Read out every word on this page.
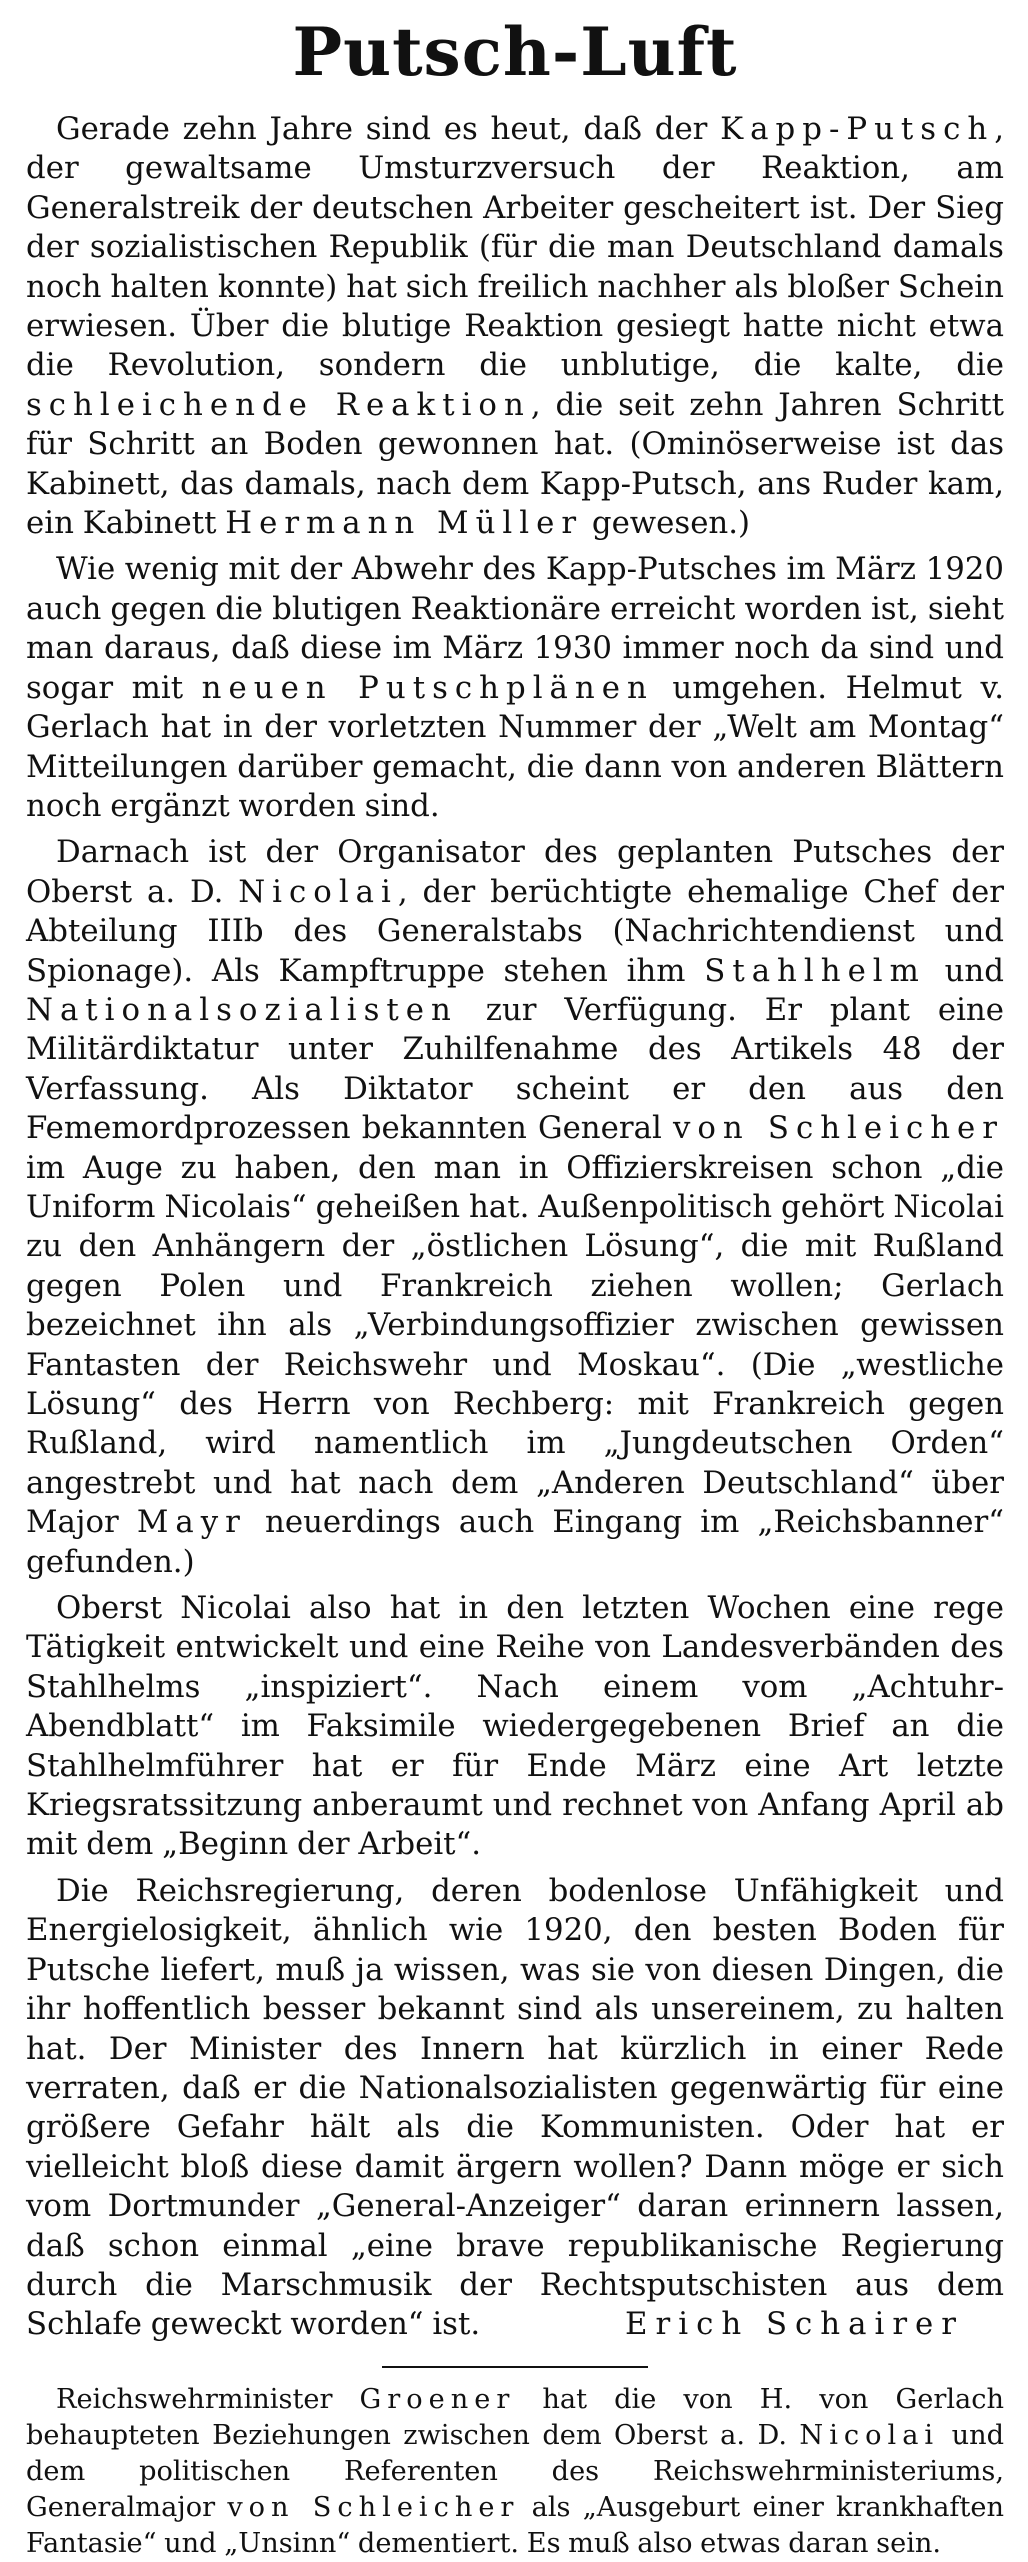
Putsch-Luft

Gerade zehn Jahre sind es heut, daß der Kapp-Putsch, der gewaltsame Umsturzversuch der Reaktion, am Generalstreik der deutschen Arbeiter gescheitert ist. Der Sieg der sozialistischen Republik (für die man Deutschland damals noch halten konnte) hat sich freilich nachher als bloßer Schein erwiesen. Über die blutige Reaktion gesiegt hatte nicht etwa die Revolution, sondern die unblutige, die kalte, die schleichende Reaktion, die seit zehn Jahren Schritt für Schritt an Boden gewonnen hat. (Ominöserweise ist das Kabinett, das damals, nach dem Kapp-Putsch, ans Ruder kam, ein Kabinett Hermann Müller gewesen.)

Wie wenig mit der Abwehr des Kapp-Putsches im März 1920 auch gegen die blutigen Reaktionäre erreicht worden ist, sieht man daraus, daß diese im März 1930 immer noch da sind und sogar mit neuen Putschplänen umgehen. Helmut v. Gerlach hat in der vorletzten Nummer der „Welt am Montag“ Mitteilungen darüber gemacht, die dann von anderen Blättern noch ergänzt worden sind.

Darnach ist der Organisator des geplanten Putsches der Oberst a. D. Nicolai, der berüchtigte ehemalige Chef der Abteilung IIIb des Generalstabs (Nachrichtendienst und Spionage). Als Kampftruppe stehen ihm Stahlhelm und Nationalsozialisten zur Verfügung. Er plant eine Militärdiktatur unter Zuhilfenahme des Artikels 48 der Verfassung. Als Diktator scheint er den aus den Fememordprozessen bekannten General von Schleicher im Auge zu haben, den man in Offizierskreisen schon „die Uniform Nicolais“ geheißen hat. Außenpolitisch gehört Nicolai zu den Anhängern der „östlichen Lösung“, die mit Rußland gegen Polen und Frankreich ziehen wollen; Gerlach bezeichnet ihn als „Verbindungsoffizier zwischen gewissen Fantasten der Reichswehr und Moskau“. (Die „westliche Lösung“ des Herrn von Rechberg: mit Frankreich gegen Rußland, wird namentlich im „Jungdeutschen Orden“ angestrebt und hat nach dem „Anderen Deutschland“ über Major Mayr neuerdings auch Eingang im „Reichsbanner“ gefunden.)

Oberst Nicolai also hat in den letzten Wochen eine rege Tätigkeit entwickelt und eine Reihe von Landesverbänden des Stahlhelms „inspiziert“. Nach einem vom „Achtuhr-Abendblatt“ im Faksimile wiedergegebenen Brief an die Stahlhelmführer hat er für Ende März eine Art letzte Kriegsratssitzung anberaumt und rechnet von Anfang April ab mit dem „Beginn der Arbeit“.

Die Reichsregierung, deren bodenlose Unfähigkeit und Energielosigkeit, ähnlich wie 1920, den besten Boden für Putsche liefert, muß ja wissen, was sie von diesen Dingen, die ihr hoffentlich besser bekannt sind als unsereinem, zu halten hat. Der Minister des Innern hat kürzlich in einer Rede verraten, daß er die Nationalsozialisten gegenwärtig für eine größere Gefahr hält als die Kommunisten. Oder hat er vielleicht bloß diese damit ärgern wollen? Dann möge er sich vom Dortmunder „General-Anzeiger“ daran erinnern lassen, daß schon einmal „eine brave republikanische Regierung durch die Marschmusik der Rechtsputschisten aus dem Schlafe geweckt worden“ ist.	Erich Schairer

Reichswehrminister Groener hat die von H. von Gerlach behaupteten Beziehungen zwischen dem Oberst a. D. Nicolai und dem politischen Referenten des Reichswehrministeriums, Generalmajor von Schleicher als „Ausgeburt einer krankhaften Fantasie“ und „Unsinn“ dementiert. Es muß also etwas daran sein.
